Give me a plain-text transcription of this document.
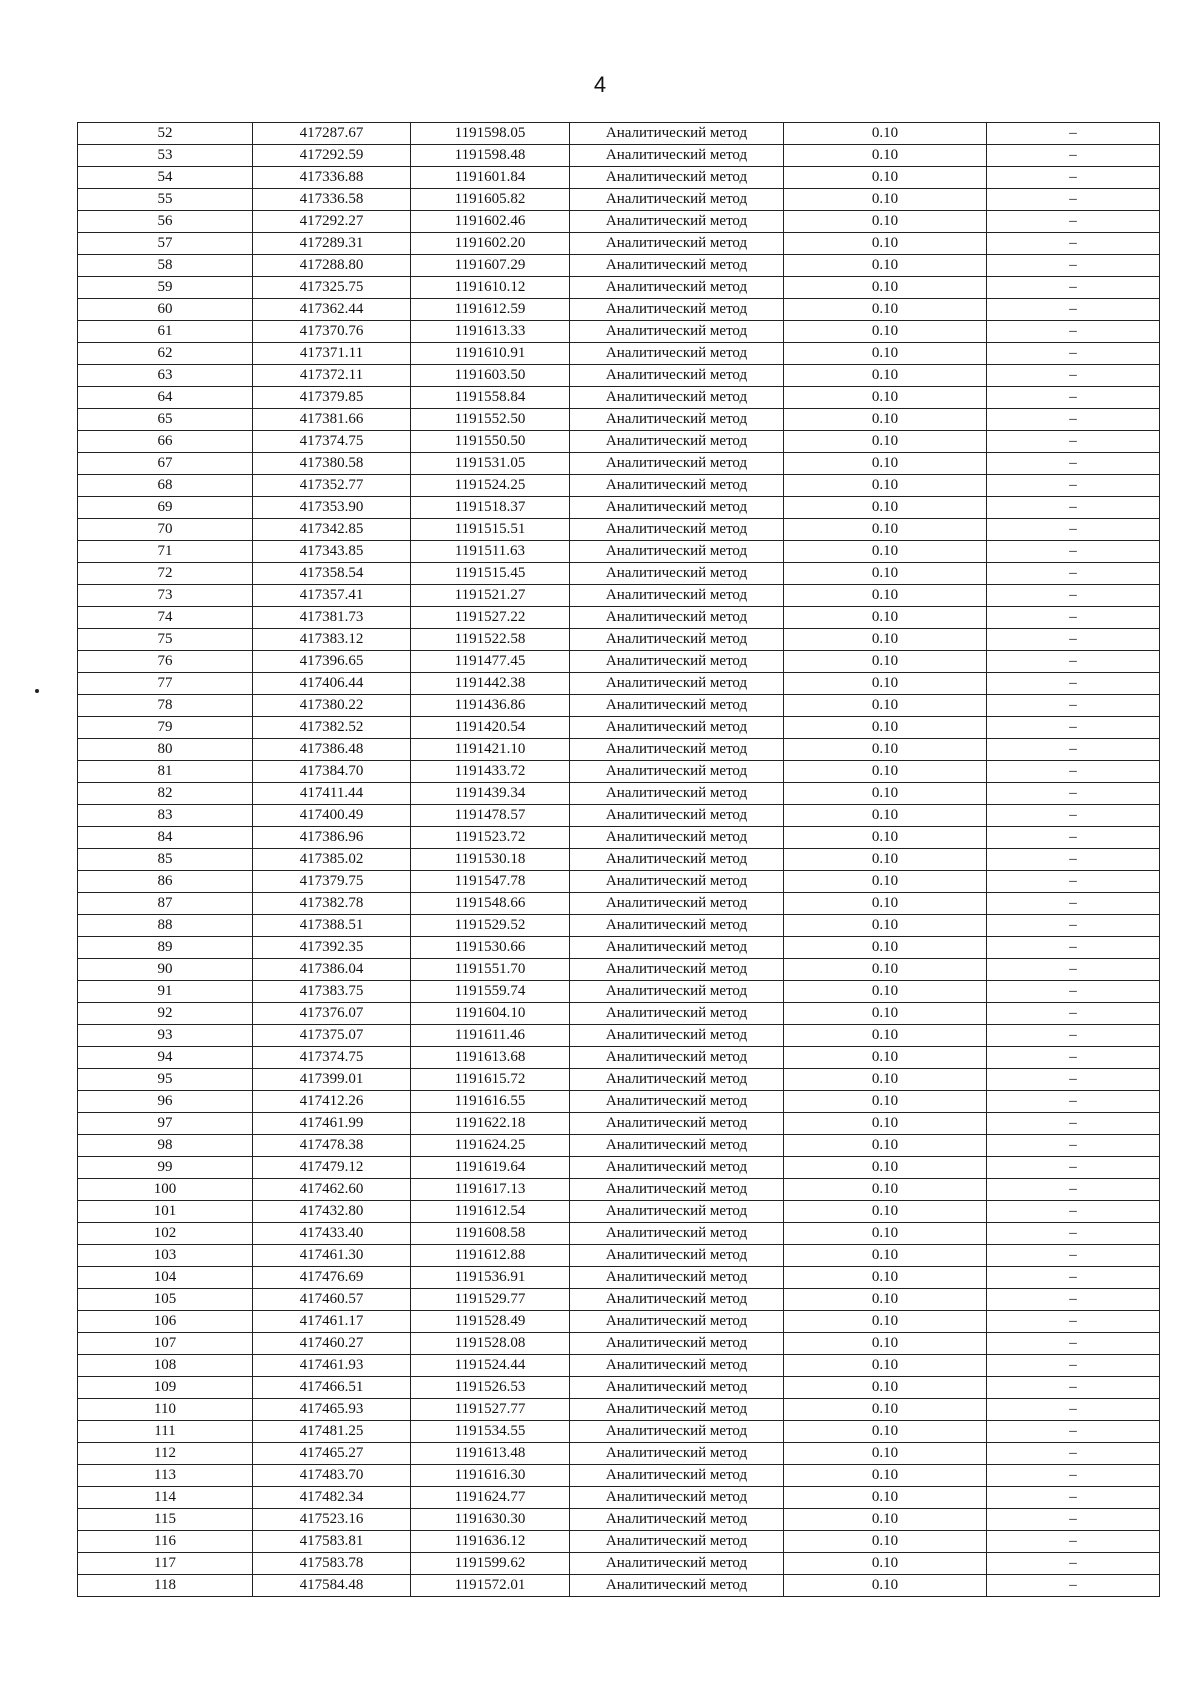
4
52	417287.67	1191598.05	Аналитический метод	0.10	–
53	417292.59	1191598.48	Аналитический метод	0.10	–
54	417336.88	1191601.84	Аналитический метод	0.10	–
55	417336.58	1191605.82	Аналитический метод	0.10	–
56	417292.27	1191602.46	Аналитический метод	0.10	–
57	417289.31	1191602.20	Аналитический метод	0.10	–
58	417288.80	1191607.29	Аналитический метод	0.10	–
59	417325.75	1191610.12	Аналитический метод	0.10	–
60	417362.44	1191612.59	Аналитический метод	0.10	–
61	417370.76	1191613.33	Аналитический метод	0.10	–
62	417371.11	1191610.91	Аналитический метод	0.10	–
63	417372.11	1191603.50	Аналитический метод	0.10	–
64	417379.85	1191558.84	Аналитический метод	0.10	–
65	417381.66	1191552.50	Аналитический метод	0.10	–
66	417374.75	1191550.50	Аналитический метод	0.10	–
67	417380.58	1191531.05	Аналитический метод	0.10	–
68	417352.77	1191524.25	Аналитический метод	0.10	–
69	417353.90	1191518.37	Аналитический метод	0.10	–
70	417342.85	1191515.51	Аналитический метод	0.10	–
71	417343.85	1191511.63	Аналитический метод	0.10	–
72	417358.54	1191515.45	Аналитический метод	0.10	–
73	417357.41	1191521.27	Аналитический метод	0.10	–
74	417381.73	1191527.22	Аналитический метод	0.10	–
75	417383.12	1191522.58	Аналитический метод	0.10	–
76	417396.65	1191477.45	Аналитический метод	0.10	–
77	417406.44	1191442.38	Аналитический метод	0.10	–
78	417380.22	1191436.86	Аналитический метод	0.10	–
79	417382.52	1191420.54	Аналитический метод	0.10	–
80	417386.48	1191421.10	Аналитический метод	0.10	–
81	417384.70	1191433.72	Аналитический метод	0.10	–
82	417411.44	1191439.34	Аналитический метод	0.10	–
83	417400.49	1191478.57	Аналитический метод	0.10	–
84	417386.96	1191523.72	Аналитический метод	0.10	–
85	417385.02	1191530.18	Аналитический метод	0.10	–
86	417379.75	1191547.78	Аналитический метод	0.10	–
87	417382.78	1191548.66	Аналитический метод	0.10	–
88	417388.51	1191529.52	Аналитический метод	0.10	–
89	417392.35	1191530.66	Аналитический метод	0.10	–
90	417386.04	1191551.70	Аналитический метод	0.10	–
91	417383.75	1191559.74	Аналитический метод	0.10	–
92	417376.07	1191604.10	Аналитический метод	0.10	–
93	417375.07	1191611.46	Аналитический метод	0.10	–
94	417374.75	1191613.68	Аналитический метод	0.10	–
95	417399.01	1191615.72	Аналитический метод	0.10	–
96	417412.26	1191616.55	Аналитический метод	0.10	–
97	417461.99	1191622.18	Аналитический метод	0.10	–
98	417478.38	1191624.25	Аналитический метод	0.10	–
99	417479.12	1191619.64	Аналитический метод	0.10	–
100	417462.60	1191617.13	Аналитический метод	0.10	–
101	417432.80	1191612.54	Аналитический метод	0.10	–
102	417433.40	1191608.58	Аналитический метод	0.10	–
103	417461.30	1191612.88	Аналитический метод	0.10	–
104	417476.69	1191536.91	Аналитический метод	0.10	–
105	417460.57	1191529.77	Аналитический метод	0.10	–
106	417461.17	1191528.49	Аналитический метод	0.10	–
107	417460.27	1191528.08	Аналитический метод	0.10	–
108	417461.93	1191524.44	Аналитический метод	0.10	–
109	417466.51	1191526.53	Аналитический метод	0.10	–
110	417465.93	1191527.77	Аналитический метод	0.10	–
111	417481.25	1191534.55	Аналитический метод	0.10	–
112	417465.27	1191613.48	Аналитический метод	0.10	–
113	417483.70	1191616.30	Аналитический метод	0.10	–
114	417482.34	1191624.77	Аналитический метод	0.10	–
115	417523.16	1191630.30	Аналитический метод	0.10	–
116	417583.81	1191636.12	Аналитический метод	0.10	–
117	417583.78	1191599.62	Аналитический метод	0.10	–
118	417584.48	1191572.01	Аналитический метод	0.10	–
